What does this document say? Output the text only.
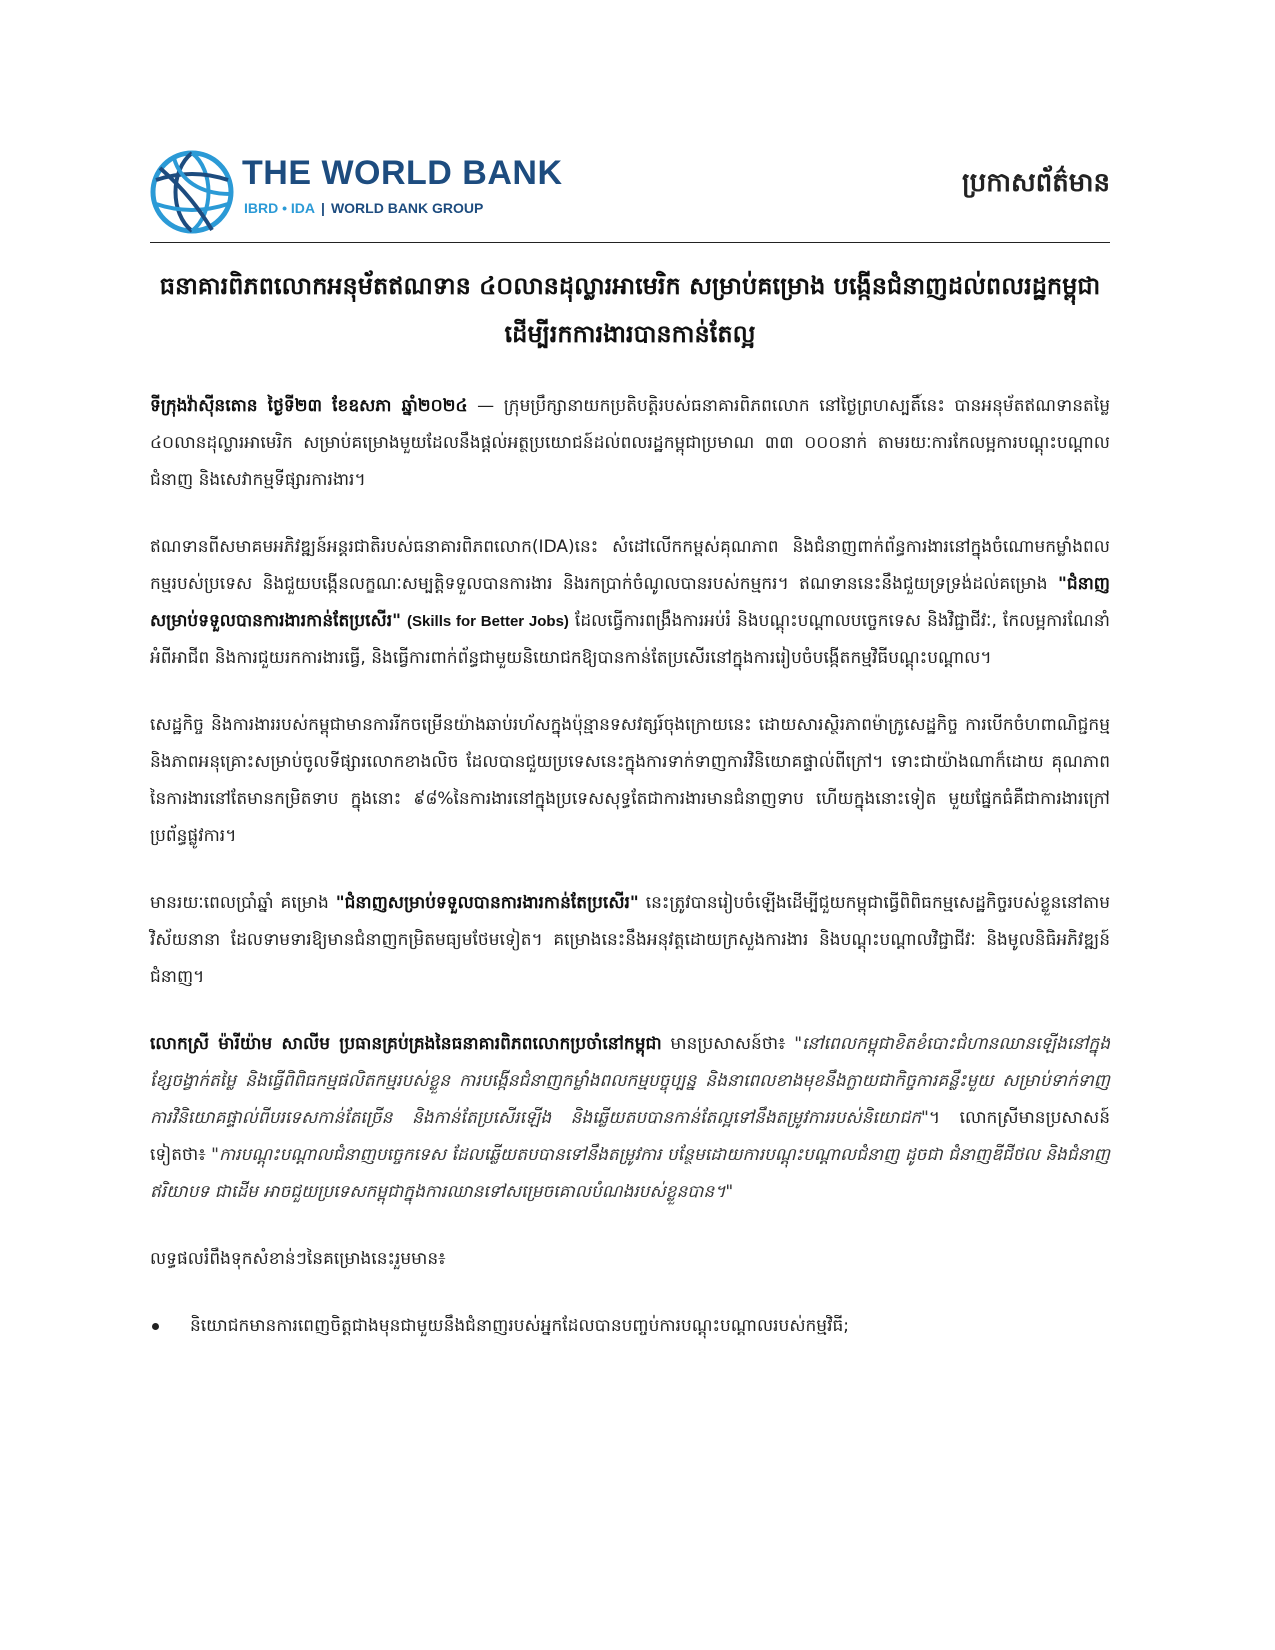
THE WORLD BANK
IBRD • IDA | WORLD BANK GROUP
ប្រកាសព័ត៌មាន
ធនាគារពិភពលោកអនុម័តឥណទាន ៤០លានដុល្លារអាមេរិក សម្រាប់គម្រោង បង្កើនជំនាញដល់ពលរដ្ឋកម្ពុជាដើម្បីរកការងារបានកាន់តែល្អ

ទីក្រុងវ៉ាស៊ីនតោន ថ្ងៃទី២៣ ខែឧសភា ឆ្នាំ២០២៤ — ក្រុមប្រឹក្សានាយកប្រតិបត្តិរបស់ធនាគារពិភពលោក នៅថ្ងៃព្រហស្បតិ៍នេះ បានអនុម័តឥណទានតម្លៃ ៤០លានដុល្លារអាមេរិក សម្រាប់គម្រោងមួយដែលនឹងផ្ដល់អត្ថប្រយោជន៍ដល់ពលរដ្ឋកម្ពុជាប្រមាណ ៣៣ ០០០នាក់ តាមរយៈការកែលម្អការបណ្ដុះបណ្ដាលជំនាញ និងសេវាកម្មទីផ្សារការងារ។

ឥណទានពីសមាគមអភិវឌ្ឍន៍អន្តរជាតិរបស់ធនាគារពិភពលោក(IDA)នេះ សំដៅលើកកម្ពស់គុណភាព និងជំនាញពាក់ព័ន្ធការងារនៅក្នុងចំណោមកម្លាំងពលកម្មរបស់ប្រទេស និងជួយបង្កើនលក្ខណៈសម្បត្តិទទួលបានការងារ និងរកប្រាក់ចំណូលបានរបស់កម្មករ។ ឥណទាននេះនឹងជួយទ្រទ្រង់ដល់គម្រោង "ជំនាញសម្រាប់ទទួលបានការងារកាន់តែប្រសើរ" (Skills for Better Jobs) ដែលធ្វើការពង្រឹងការអប់រំ និងបណ្តុះបណ្តាលបច្ចេកទេស និងវិជ្ជាជីវៈ, កែលម្អការណែនាំអំពីអាជីព និងការជួយរកការងារធ្វើ, និងធ្វើការពាក់ព័ន្ធជាមួយនិយោជកឱ្យបានកាន់តែប្រសើរនៅក្នុងការរៀបចំបង្កើតកម្មវិធីបណ្តុះបណ្តាល។

សេដ្ឋកិច្ច និងការងាររបស់កម្ពុជាមានការរីកចម្រើនយ៉ាងឆាប់រហ័សក្នុងប៉ុន្មានទសវត្សរ៍ចុងក្រោយនេះ ដោយសារស្ថិរភាពម៉ាក្រូសេដ្ឋកិច្ច ការបើកចំហពាណិជ្ជកម្ម និងភាពអនុគ្រោះសម្រាប់ចូលទីផ្សារលោកខាងលិច ដែលបានជួយប្រទេសនេះក្នុងការទាក់ទាញការវិនិយោគផ្ទាល់ពីក្រៅ។ ទោះជាយ៉ាងណាក៏ដោយ គុណភាពនៃការងារនៅតែមានកម្រិតទាប ក្នុងនោះ ៩៨%នៃការងារនៅក្នុងប្រទេសសុទ្ធតែជាការងារមានជំនាញទាប ហើយក្នុងនោះទៀត មួយផ្នែកធំគឺជាការងារក្រៅប្រព័ន្ធផ្លូវការ។

មានរយៈពេលប្រាំឆ្នាំ គម្រោង "ជំនាញសម្រាប់ទទួលបានការងារកាន់តែប្រសើរ" នេះត្រូវបានរៀបចំឡើងដើម្បីជួយកម្ពុជាធ្វើពិពិធកម្មសេដ្ឋកិច្ចរបស់ខ្លួននៅតាមវិស័យនានា ដែលទាមទារឱ្យមានជំនាញកម្រិតមធ្យមថែមទៀត។ គម្រោងនេះនឹងអនុវត្តដោយក្រសួងការងារ និងបណ្តុះបណ្តាលវិជ្ជាជីវៈ និងមូលនិធិអភិវឌ្ឍន៍ជំនាញ។

លោកស្រី ម៉ារីយ៉ាម សាលីម ប្រធានគ្រប់គ្រងនៃធនាគារពិភពលោកប្រចាំនៅកម្ពុជា មានប្រសាសន៍ថា៖ "នៅពេលកម្ពុជាខិតខំបោះជំហានឈានឡើងនៅក្នុងខ្សែចង្វាក់តម្លៃ និងធ្វើពិពិធកម្មផលិតកម្មរបស់ខ្លួន ការបង្កើនជំនាញកម្លាំងពលកម្មបច្ចុប្បន្ន និងនាពេលខាងមុខនឹងក្លាយជាកិច្ចការគន្លឹះមួយ សម្រាប់ទាក់ទាញការវិនិយោគផ្ទាល់ពីបរទេសកាន់តែច្រើន និងកាន់តែប្រសើរឡើង និងឆ្លើយតបបានកាន់តែល្អទៅនឹងតម្រូវការរបស់និយោជក"។ លោកស្រីមានប្រសាសន៍ទៀតថា៖ "ការបណ្តុះបណ្តាលជំនាញបច្ចេកទេស ដែលឆ្លើយតបបានទៅនឹងតម្រូវការ បន្ថែមដោយការបណ្តុះបណ្តាលជំនាញ ដូចជា ជំនាញឌីជីថល និងជំនាញឥរិយាបទ ជាដើម អាចជួយប្រទេសកម្ពុជាក្នុងការឈានទៅសម្រេចគោលបំណងរបស់ខ្លួនបាន។"

លទ្ធផលរំពឹងទុកសំខាន់ៗនៃគម្រោងនេះរួមមាន៖

និយោជកមានការពេញចិត្តជាងមុនជាមួយនឹងជំនាញរបស់អ្នកដែលបានបញ្ចប់ការបណ្តុះបណ្តាលរបស់កម្មវិធី;
